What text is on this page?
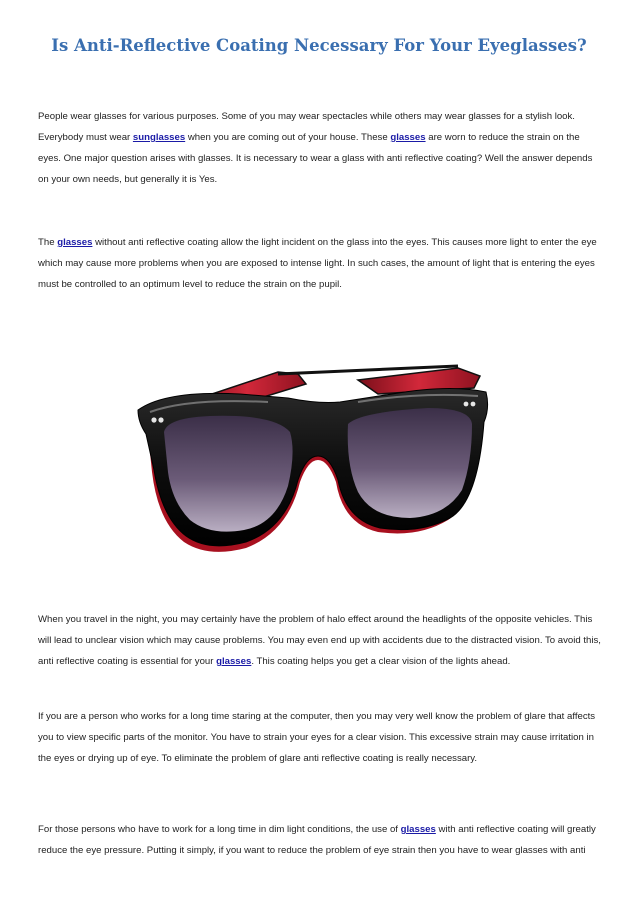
Is Anti-Reflective Coating Necessary For Your Eyeglasses?

People wear glasses for various purposes. Some of you may wear spectacles while others may wear glasses for a stylish look. Everybody must wear sunglasses when you are coming out of your house. These glasses are worn to reduce the strain on the eyes. One major question arises with glasses. It is necessary to wear a glass with anti reflective coating? Well the answer depends on your own needs, but generally it is Yes.

The glasses without anti reflective coating allow the light incident on the glass into the eyes. This causes more light to enter the eye which may cause more problems when you are exposed to intense light. In such cases, the amount of light that is entering the eyes must be controlled to an optimum level to reduce the strain on the pupil.

When you travel in the night, you may certainly have the problem of halo effect around the headlights of the opposite vehicles. This will lead to unclear vision which may cause problems. You may even end up with accidents due to the distracted vision. To avoid this, anti reflective coating is essential for your glasses. This coating helps you get a clear vision of the lights ahead.

If you are a person who works for a long time staring at the computer, then you may very well know the problem of glare that affects you to view specific parts of the monitor. You have to strain your eyes for a clear vision. This excessive strain may cause irritation in the eyes or drying up of eye. To eliminate the problem of glare anti reflective coating is really necessary.

For those persons who have to work for a long time in dim light conditions, the use of glasses with anti reflective coating will greatly reduce the eye pressure. Putting it simply, if you want to reduce the problem of eye strain then you have to wear glasses with anti
